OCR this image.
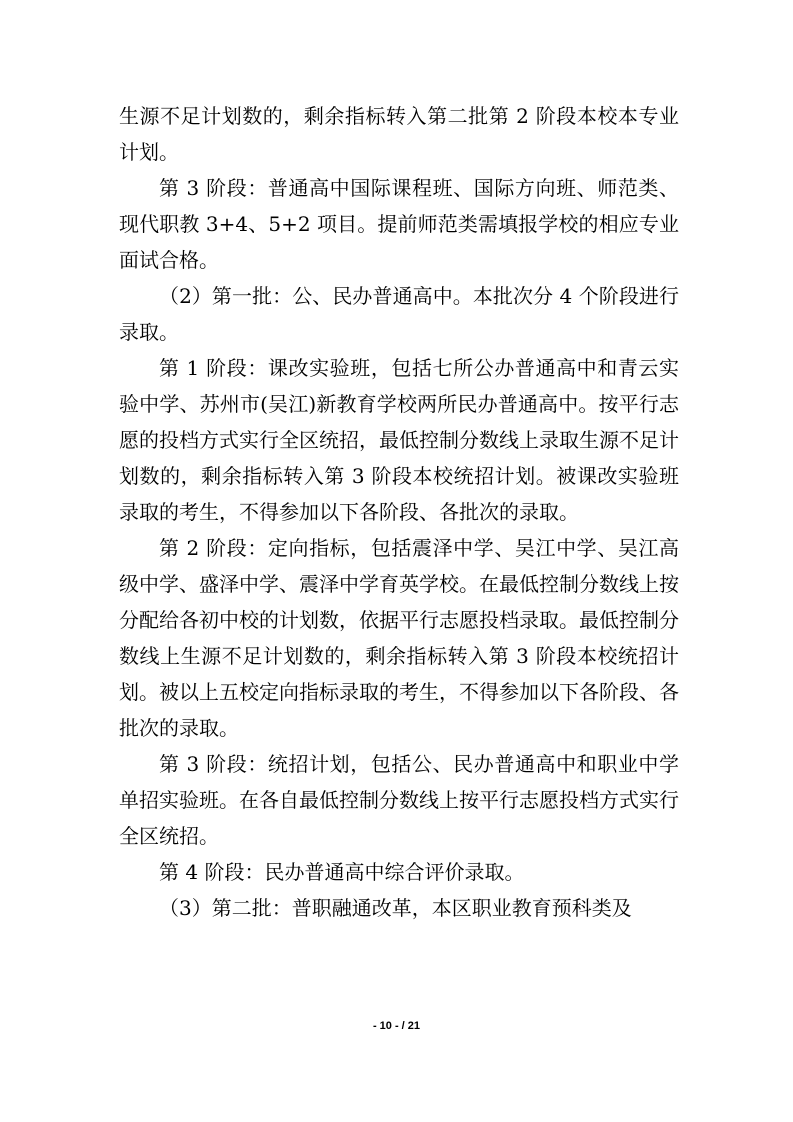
生源不足计划数的，剩余指标转入第二批第 2 阶段本校本专业计划。

第 3 阶段：普通高中国际课程班、国际方向班、师范类、现代职教 3+4、5+2 项目。提前师范类需填报学校的相应专业面试合格。

（2）第一批：公、民办普通高中。本批次分 4 个阶段进行录取。

第 1 阶段：课改实验班，包括七所公办普通高中和青云实验中学、苏州市(吴江)新教育学校两所民办普通高中。按平行志愿的投档方式实行全区统招，最低控制分数线上录取生源不足计划数的，剩余指标转入第 3 阶段本校统招计划。被课改实验班录取的考生，不得参加以下各阶段、各批次的录取。

第 2 阶段：定向指标，包括震泽中学、吴江中学、吴江高级中学、盛泽中学、震泽中学育英学校。在最低控制分数线上按分配给各初中校的计划数，依据平行志愿投档录取。最低控制分数线上生源不足计划数的，剩余指标转入第 3 阶段本校统招计划。被以上五校定向指标录取的考生，不得参加以下各阶段、各批次的录取。

第 3 阶段：统招计划，包括公、民办普通高中和职业中学单招实验班。在各自最低控制分数线上按平行志愿投档方式实行全区统招。

第 4 阶段：民办普通高中综合评价录取。

（3）第二批：普职融通改革，本区职业教育预科类及

- 10 - / 21
